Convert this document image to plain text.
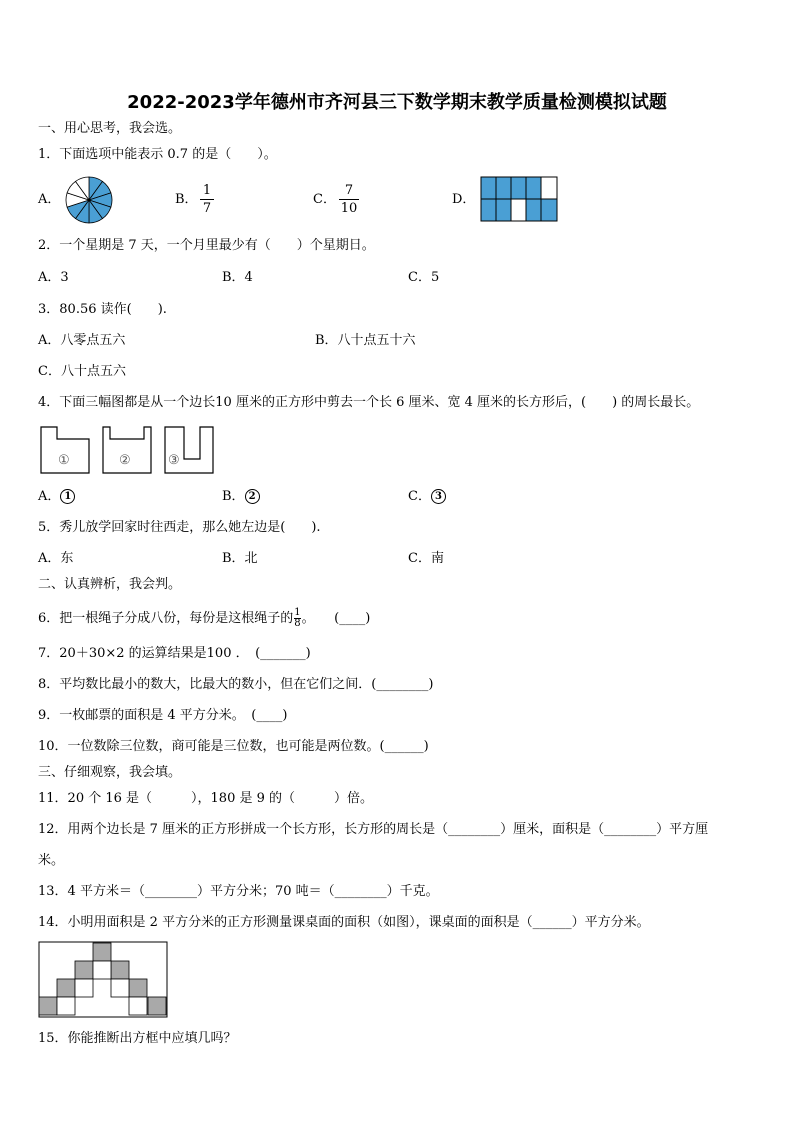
2022-2023学年德州市齐河县三下数学期末教学质量检测模拟试题
一、用心思考，我会选。
1．下面选项中能表示 0.7 的是（　　）。
A．	B．
1
7
C．
7
10
D．
2．一个星期是 7 天，一个月里最少有（　　）个星期日。
A．3	B．4	C．5
3．80.56 读作(　　).
A．八零点五六	B．八十点五十六
C．八十点五六
4．下面三幅图都是从一个边长10 厘米的正方形中剪去一个长 6 厘米、宽 4 厘米的长方形后，(　　) 的周长最长。
①	②	③
A． 1	B． 2	C． 3
5．秀儿放学回家时往西走，那么她左边是(　　).
A．东	B．北	C．南
二、认真辨析，我会判。
6．把一根绳子分成八份，每份是这根绳子的 $\frac{1}{8}$ 。　　(____)
7．20＋30×2 的运算结果是100 ．　(_______)
8．平均数比最小的数大，比最大的数小，但在它们之间．(________)
9．一枚邮票的面积是 4 平方分米。　(____)
10．一位数除三位数，商可能是三位数，也可能是两位数。(______)
三、仔细观察，我会填。
11．20 个 16 是（　　　），180 是 9 的（　　　）倍。
12．用两个边长是 7 厘米的正方形拼成一个长方形，长方形的周长是（________）厘米，面积是（________）平方厘
米。
13．4 平方米＝（________）平方分米；70 吨＝（________）千克。
14．小明用面积是 2 平方分米的正方形测量课桌面的面积（如图），课桌面的面积是（______）平方分米。
15．你能推断出方框中应填几吗？
